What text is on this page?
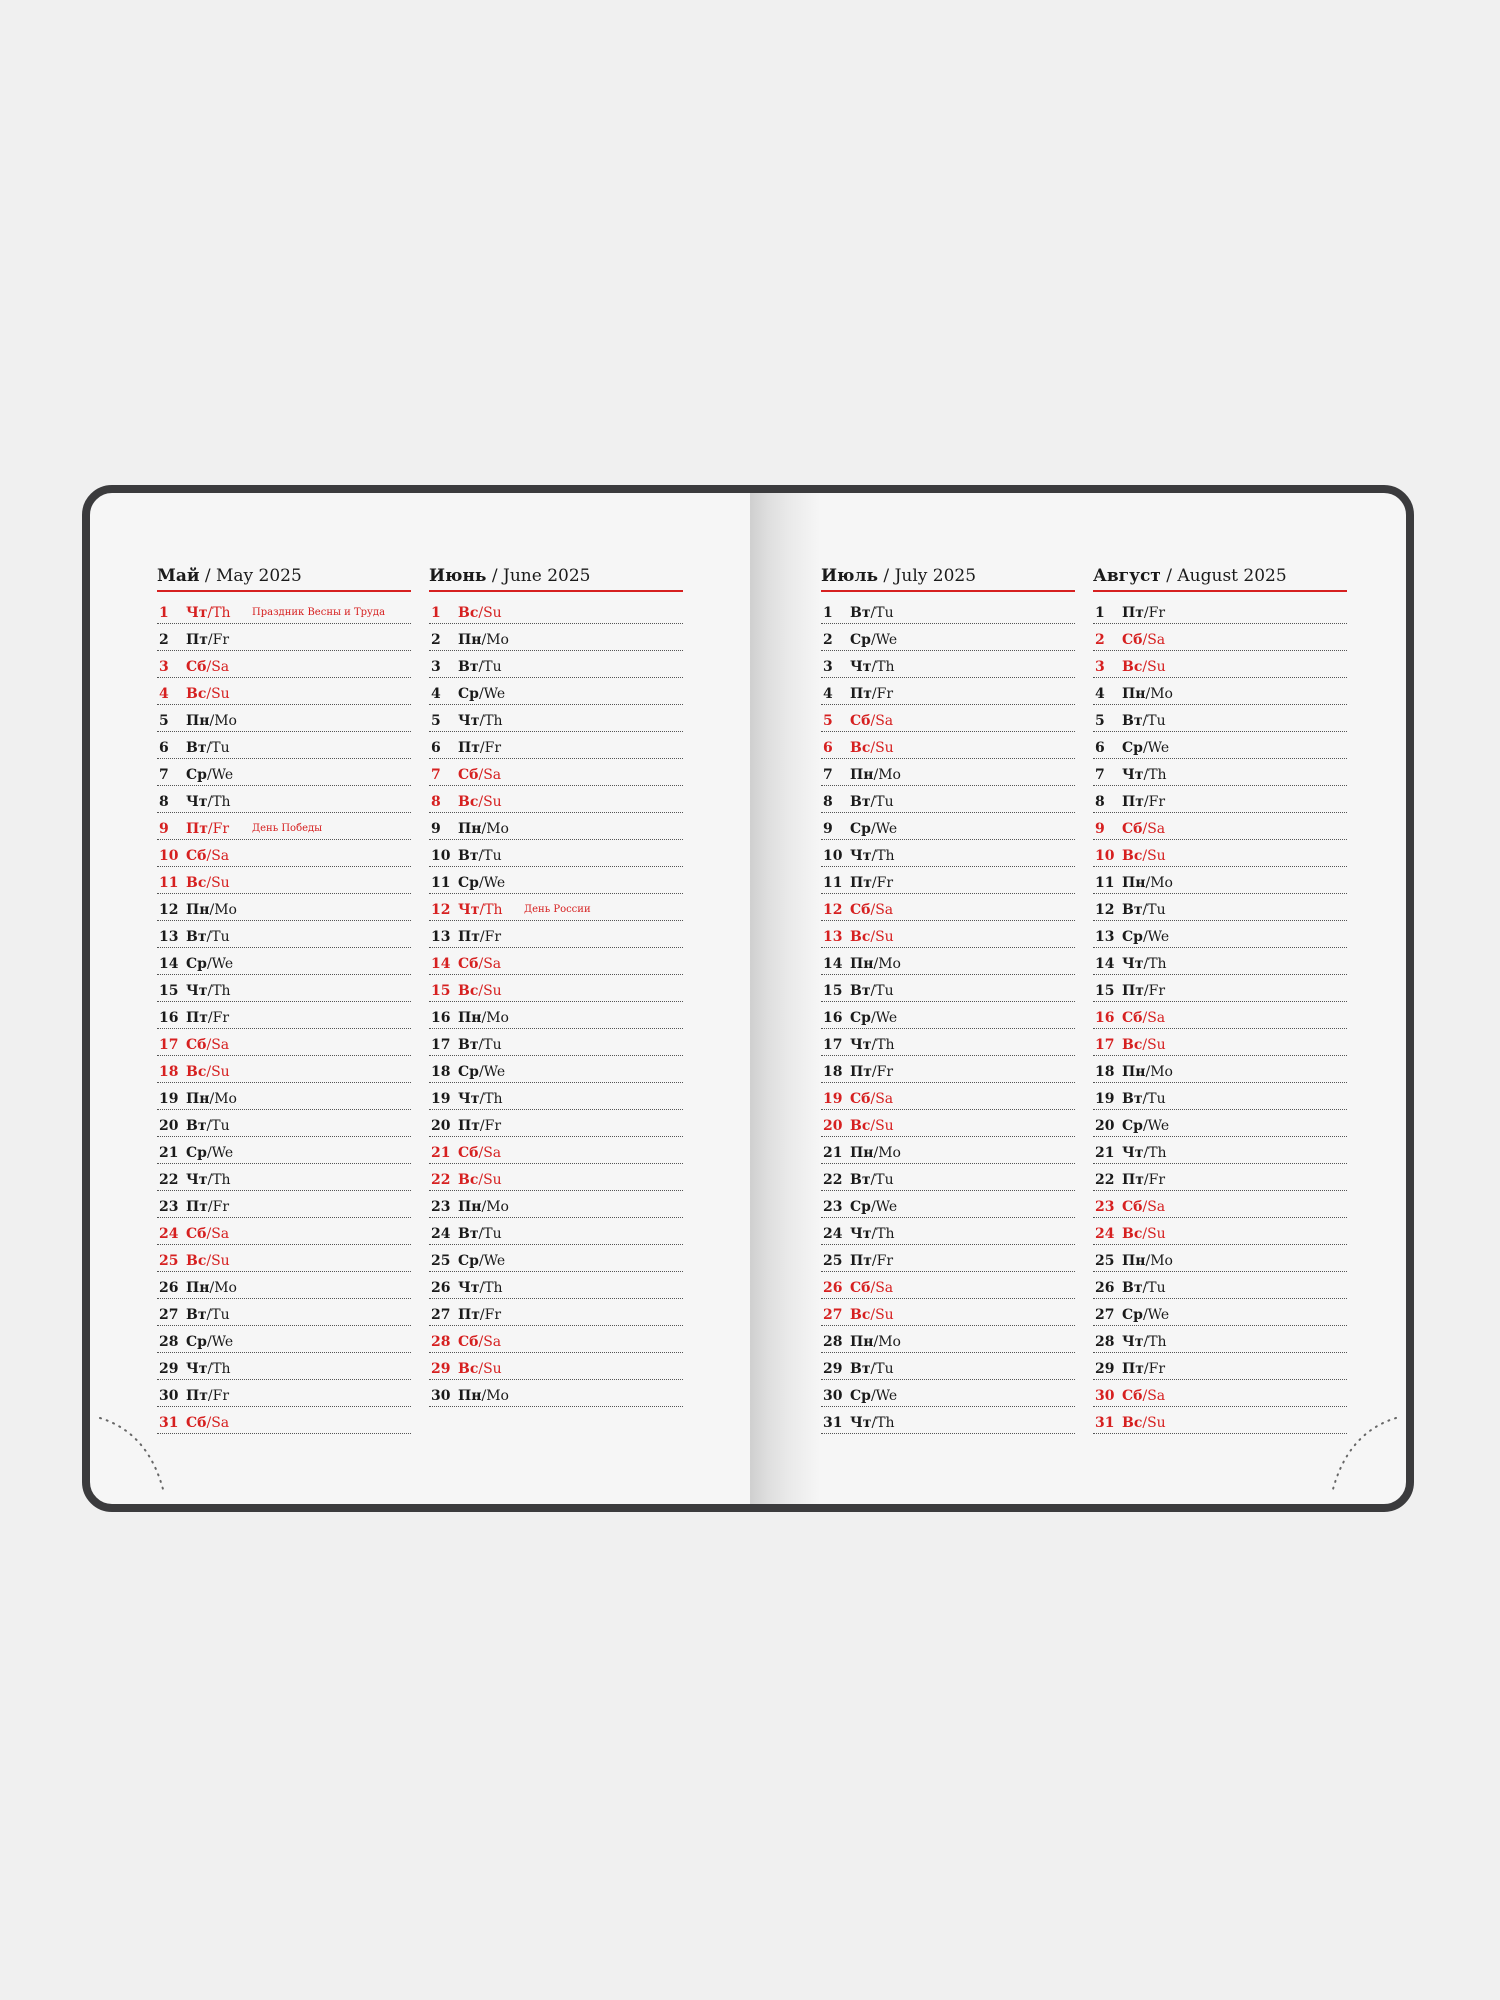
Май / May 2025
1	Чт/Th	Праздник Весны и Труда
2	Пт/Fr
3	Сб/Sa
4	Вс/Su
5	Пн/Mo
6	Вт/Tu
7	Ср/We
8	Чт/Th
9	Пт/Fr	День Победы
10 Сб/Sa
11 Вс/Su
12 Пн/Mo
13 Вт/Tu
14 Ср/We
15 Чт/Th
16 Пт/Fr
17 Сб/Sa
18 Вс/Su
19 Пн/Mo
20 Вт/Tu
21 Ср/We
22 Чт/Th
23 Пт/Fr
24 Сб/Sa
25 Вс/Su
26 Пн/Mo
27 Вт/Tu
28 Ср/We
29 Чт/Th
30 Пт/Fr
31 Сб/Sa
Июнь / June 2025
1	Вс/Su
2	Пн/Mo
3	Вт/Tu
4	Ср/We
5	Чт/Th
6	Пт/Fr
7	Сб/Sa
8	Вс/Su
9	Пн/Mo
10 Вт/Tu
11 Ср/We
12 Чт/Th	День России
13 Пт/Fr
14 Сб/Sa
15 Вс/Su
16 Пн/Mo
17 Вт/Tu
18 Ср/We
19 Чт/Th
20 Пт/Fr
21 Сб/Sa
22 Вс/Su
23 Пн/Mo
24 Вт/Tu
25 Ср/We
26 Чт/Th
27 Пт/Fr
28 Сб/Sa
29 Вс/Su
30 Пн/Mo
Июль / July 2025
1	Вт/Tu
2	Ср/We
3	Чт/Th
4	Пт/Fr
5	Сб/Sa
6	Вс/Su
7	Пн/Mo
8	Вт/Tu
9	Ср/We
10 Чт/Th
11 Пт/Fr
12 Сб/Sa
13 Вс/Su
14 Пн/Mo
15 Вт/Tu
16 Ср/We
17 Чт/Th
18 Пт/Fr
19 Сб/Sa
20 Вс/Su
21 Пн/Mo
22 Вт/Tu
23 Ср/We
24 Чт/Th
25 Пт/Fr
26 Сб/Sa
27 Вс/Su
28 Пн/Mo
29 Вт/Tu
30 Ср/We
31 Чт/Th
Август / August 2025
1	Пт/Fr
2	Сб/Sa
3	Вс/Su
4	Пн/Mo
5	Вт/Tu
6	Ср/We
7	Чт/Th
8	Пт/Fr
9	Сб/Sa
10 Вс/Su
11 Пн/Mo
12 Вт/Tu
13 Ср/We
14 Чт/Th
15 Пт/Fr
16 Сб/Sa
17 Вс/Su
18 Пн/Mo
19 Вт/Tu
20 Ср/We
21 Чт/Th
22 Пт/Fr
23 Сб/Sa
24 Вс/Su
25 Пн/Mo
26 Вт/Tu
27 Ср/We
28 Чт/Th
29 Пт/Fr
30 Сб/Sa
31 Вс/Su
